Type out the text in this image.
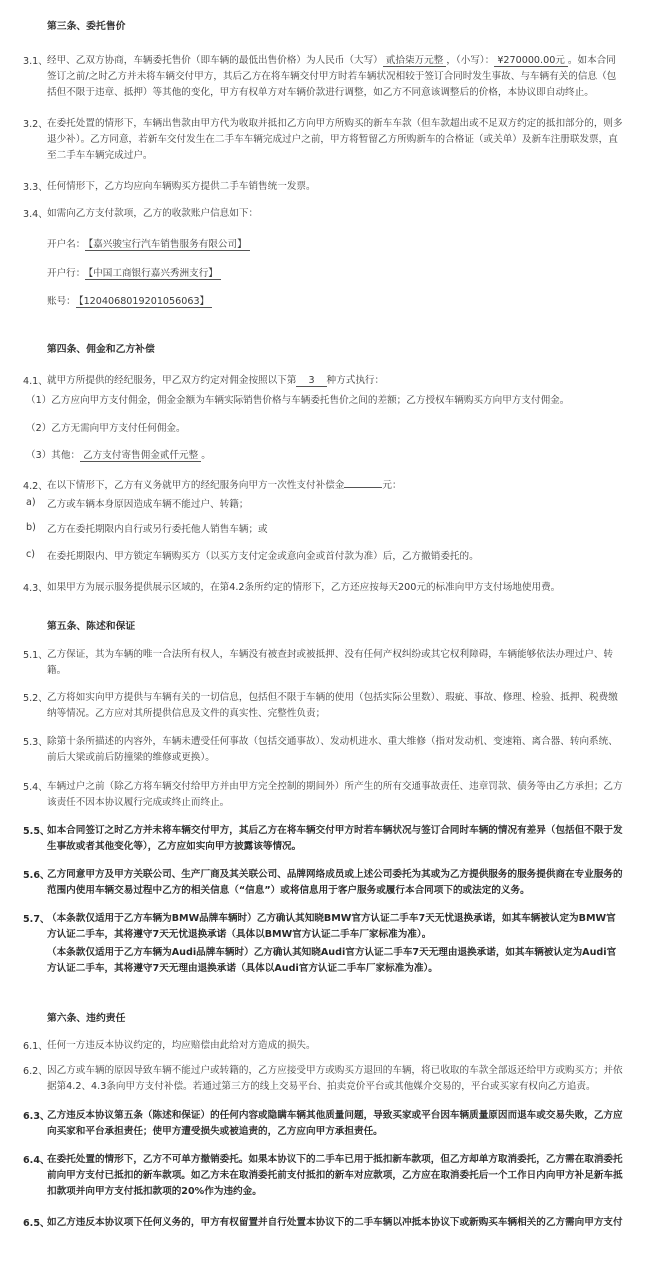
第三条、委托售价
3.1、 经甲、乙双方协商，车辆委托售价（即车辆的最低出售价格）为人民币（大写） 贰拾柒万元整 ，（小写）： ¥270000.00元 。如本合同签订之前/之时乙方并未将车辆交付甲方，其后乙方在将车辆交付甲方时若车辆状况相较于签订合同时发生事故、与车辆有关的信息（包括但不限于违章、抵押）等其他的变化，甲方有权单方对车辆价款进行调整，如乙方不同意该调整后的价格，本协议即自动终止。
3.2、 在委托处置的情形下，车辆出售款由甲方代为收取并抵扣乙方向甲方所购买的新车车款（但车款超出或不足双方约定的抵扣部分的，则多退少补）。乙方同意，若新车交付发生在二手车车辆完成过户之前，甲方将暂留乙方所购新车的合格证（或关单）及新车注册联发票，直至二手车车辆完成过户。
3.3、 任何情形下，乙方均应向车辆购买方提供二手车销售统一发票。
3.4、 如需向乙方支付款项，乙方的收款账户信息如下：
开户名： 【嘉兴骏宝行汽车销售服务有限公司】
开户行： 【中国工商银行嘉兴秀洲支行】
账号： 【1204068019201056063】
第四条、佣金和乙方补偿
4.1、 就甲方所提供的经纪服务，甲乙双方约定对佣金按照以下第 3 种方式执行：
（1）乙方应向甲方支付佣金，佣金金额为车辆实际销售价格与车辆委托售价之间的差额；乙方授权车辆购买方向甲方支付佣金。
（2）乙方无需向甲方支付任何佣金。
（3）其他： 乙方支付寄售佣金贰仟元整 。
4.2、 在以下情形下，乙方有义务就甲方的经纪服务向甲方一次性支付补偿金	元：
a) 乙方或车辆本身原因造成车辆不能过户、转籍；
b) 乙方在委托期限内自行或另行委托他人销售车辆；或
c) 在委托期限内、甲方锁定车辆购买方（以买方支付定金或意向金或首付款为准）后，乙方撤销委托的。
4.3、 如果甲方为展示服务提供展示区域的，在第4.2条所约定的情形下，乙方还应按每天200元的标准向甲方支付场地使用费。
第五条、陈述和保证
5.1、 乙方保证，其为车辆的唯一合法所有权人，车辆没有被查封或被抵押、没有任何产权纠纷或其它权利障碍，车辆能够依法办理过户、转籍。
5.2、 乙方将如实向甲方提供与车辆有关的一切信息，包括但不限于车辆的使用（包括实际公里数）、瑕疵、事故、修理、检验、抵押、税费缴纳等情况。乙方应对其所提供信息及文件的真实性、完整性负责；
5.3、 除第十条所描述的内容外，车辆未遭受任何事故（包括交通事故）、发动机进水、重大维修（指对发动机、变速箱、离合器、转向系统、前后大梁或前后防撞梁的维修或更换）。
5.4、 车辆过户之前（除乙方将车辆交付给甲方并由甲方完全控制的期间外）所产生的所有交通事故责任、违章罚款、债务等由乙方承担；乙方该责任不因本协议履行完成或终止而终止。
5.5、
如本合同签订之时乙方并未将车辆交付甲方，其后乙方在将车辆交付甲方时若车辆状况与签订合同时车辆的情况有差异（包括但不限于发生事故或者其他变化等），乙方应如实向甲方披露该等情况。
5.6、
乙方同意甲方及甲方关联公司、生产厂商及其关联公司、品牌网络成员或上述公司委托为其或为乙方提供服务的服务提供商在专业服务的范围内使用车辆交易过程中乙方的相关信息（“信息”）或将信息用于客户服务或履行本合同项下的或法定的义务。
5.7、
（本条款仅适用于乙方车辆为BMW品牌车辆时）乙方确认其知晓BMW官方认证二手车7天无忧退换承诺，如其车辆被认定为BMW官方认证二手车，其将遵守7天无忧退换承诺（具体以BMW官方认证二手车厂家标准为准）。
（本条款仅适用于乙方车辆为Audi品牌车辆时）乙方确认其知晓Audi官方认证二手车7天无理由退换承诺，如其车辆被认定为Audi官方认证二手车，其将遵守7天无理由退换承诺（具体以Audi官方认证二手车厂家标准为准）。
第六条、违约责任
6.1、 任何一方违反本协议约定的，均应赔偿由此给对方造成的损失。
6.2、 因乙方或车辆的原因导致车辆不能过户或转籍的，乙方应接受甲方或购买方退回的车辆，将已收取的车款全部返还给甲方或购买方；并依据第4.2、4.3条向甲方支付补偿。若通过第三方的线上交易平台、拍卖竞价平台或其他媒介交易的，平台或买家有权向乙方追责。
6.3、
乙方违反本协议第五条（陈述和保证）的任何内容或隐瞒车辆其他质量问题，导致买家或平台因车辆质量原因而退车或交易失败，乙方应向买家和平台承担责任；使甲方遭受损失或被追责的，乙方应向甲方承担责任。
6.4、
在委托处置的情形下，乙方不可单方撤销委托。如果本协议下的二手车已用于抵扣新车款项，但乙方却单方取消委托，乙方需在取消委托前向甲方支付已抵扣的新车款项。如乙方未在取消委托前支付抵扣的新车对应款项，乙方应在取消委托后一个工作日内向甲方补足新车抵扣款项并向甲方支付抵扣款项的20%作为违约金。
6.5、
如乙方违反本协议项下任何义务的，甲方有权留置并自行处置本协议下的二手车辆以冲抵本协议下或新购买车辆相关的乙方需向甲方支付
